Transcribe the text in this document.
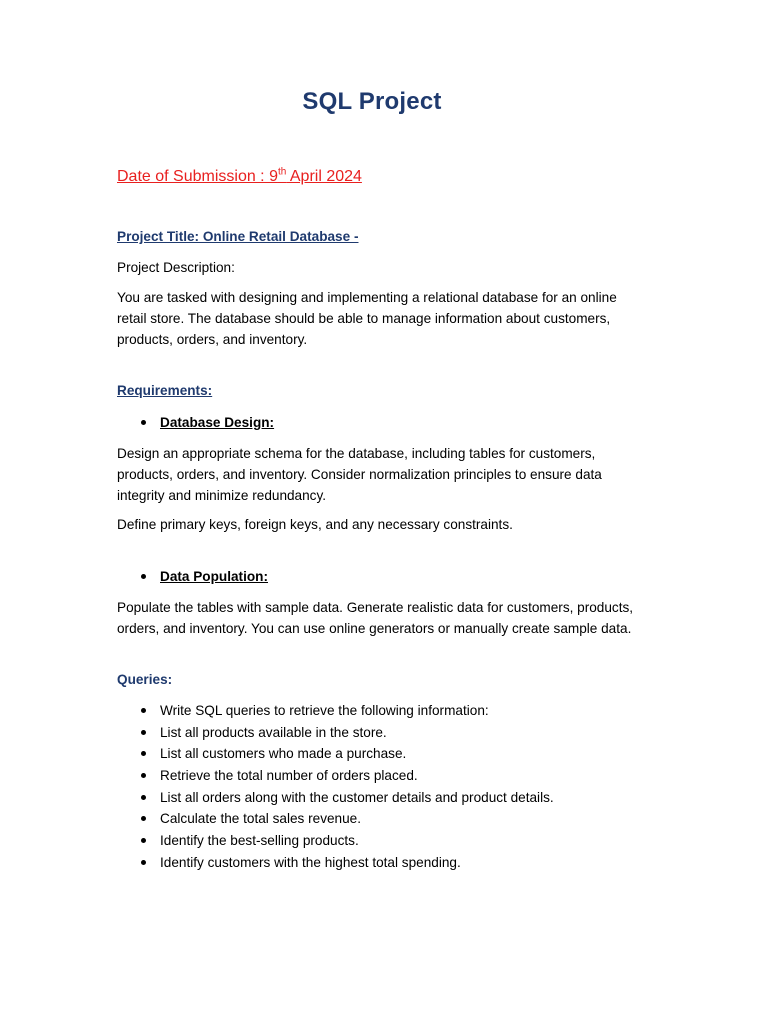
SQL Project
Date of Submission : 9th April 2024
Project Title: Online Retail Database -
Project Description:
You are tasked with designing and implementing a relational database for an online retail store. The database should be able to manage information about customers, products, orders, and inventory.
Requirements:
Database Design:
Design an appropriate schema for the database, including tables for customers, products, orders, and inventory. Consider normalization principles to ensure data integrity and minimize redundancy.
Define primary keys, foreign keys, and any necessary constraints.
Data Population:
Populate the tables with sample data. Generate realistic data for customers, products, orders, and inventory. You can use online generators or manually create sample data.
Queries:
Write SQL queries to retrieve the following information:
List all products available in the store.
List all customers who made a purchase.
Retrieve the total number of orders placed.
List all orders along with the customer details and product details.
Calculate the total sales revenue.
Identify the best-selling products.
Identify customers with the highest total spending.
